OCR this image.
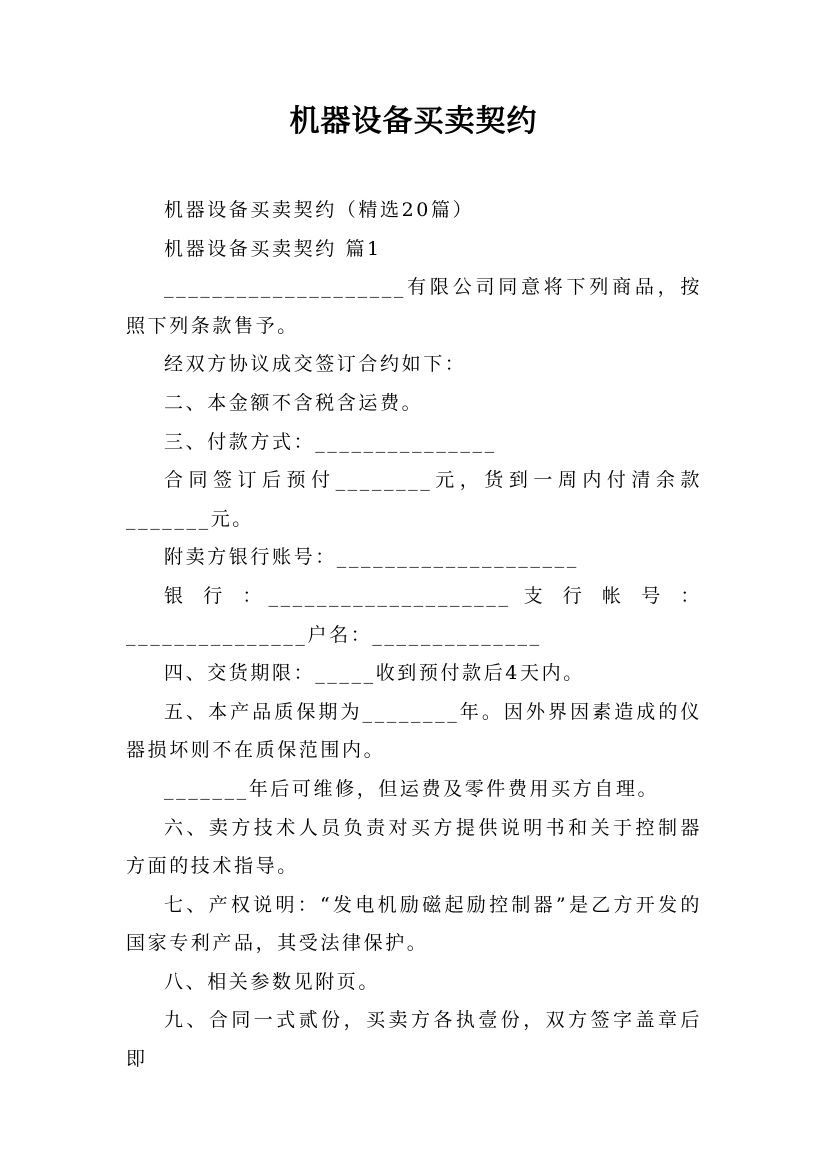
机器设备买卖契约

机器设备买卖契约（精选20篇）

机器设备买卖契约 篇1

____________________有限公司同意将下列商品，按照下列条款售予。

经双方协议成交签订合约如下：

二、本金额不含税含运费。

三、付款方式：_______________

合同签订后预付________元，货到一周内付清余款_______元。

附卖方银行账号：____________________

银 行 ：____________________ 支 行 帐 号 ：_______________户名：______________

四、交货期限：_____收到预付款后4天内。

五、本产品质保期为________年。因外界因素造成的仪器损坏则不在质保范围内。

_______年后可维修，但运费及零件费用买方自理。

六、卖方技术人员负责对买方提供说明书和关于控制器方面的技术指导。

七、产权说明：“发电机励磁起励控制器”是乙方开发的国家专利产品，其受法律保护。

八、相关参数见附页。

九、合同一式贰份，买卖方各执壹份，双方签字盖章后即
